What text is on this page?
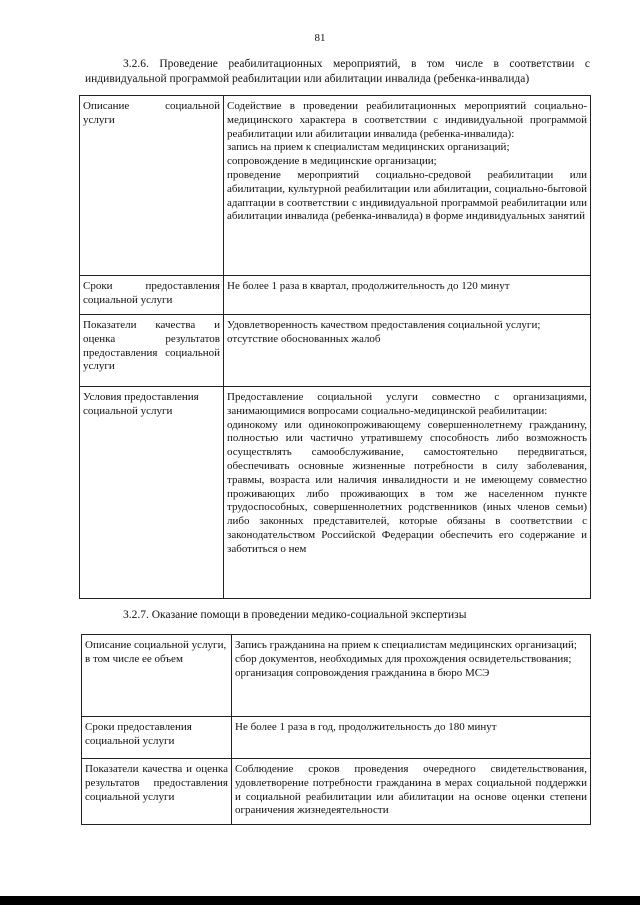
81
3.2.6. Проведение реабилитационных мероприятий, в том числе в соответствии с индивидуальной программой реабилитации или абилитации инвалида (ребенка-инвалида)
Описание социальной услуги	Содействие в проведении реабилитационных мероприятий социально-медицинского характера в соответствии с индивидуальной программой реабилитации или абилитации инвалида (ребенка-инвалида):
запись на прием к специалистам медицинских организаций;
сопровождение в медицинские организации;
проведение мероприятий социально-средовой реабилитации или абилитации, культурной реабилитации или абилитации, социально-бытовой адаптации в соответствии с индивидуальной программой реабилитации или абилитации инвалида (ребенка-инвалида) в форме индивидуальных занятий

Сроки предоставления социальной услуги	Не более 1 раза в квартал, продолжительность до 120 минут

Показатели качества и оценка результатов предоставления социальной услуги	Удовлетворенность качеством предоставления социальной услуги;
отсутствие обоснованных жалоб

Условия предоставления социальной услуги	Предоставление социальной услуги совместно с организациями, занимающимися вопросами социально-медицинской реабилитации:
одинокому или одинокопроживающему совершеннолетнему гражданину, полностью или частично утратившему способность либо возможность осуществлять самообслуживание, самостоятельно передвигаться, обеспечивать основные жизненные потребности в силу заболевания, травмы, возраста или наличия инвалидности и не имеющему совместно проживающих либо проживающих в том же населенном пункте трудоспособных, совершеннолетних родственников (иных членов семьи) либо законных представителей, которые обязаны в соответствии с законодательством Российской Федерации обеспечить его содержание и заботиться о нем
3.2.7. Оказание помощи в проведении медико-социальной экспертизы
Описание социальной услуги, в том числе ее объем	Запись гражданина на прием к специалистам медицинских организаций;
сбор документов, необходимых для прохождения освидетельствования;
организация сопровождения гражданина в бюро МСЭ

Сроки предоставления социальной услуги	Не более 1 раза в год, продолжительность до 180 минут

Показатели качества и оценка результатов предоставления социальной услуги	Соблюдение сроков проведения очередного свидетельствования, удовлетворение потребности гражданина в мерах социальной поддержки и социальной реабилитации или абилитации на основе оценки степени ограничения жизнедеятельности
